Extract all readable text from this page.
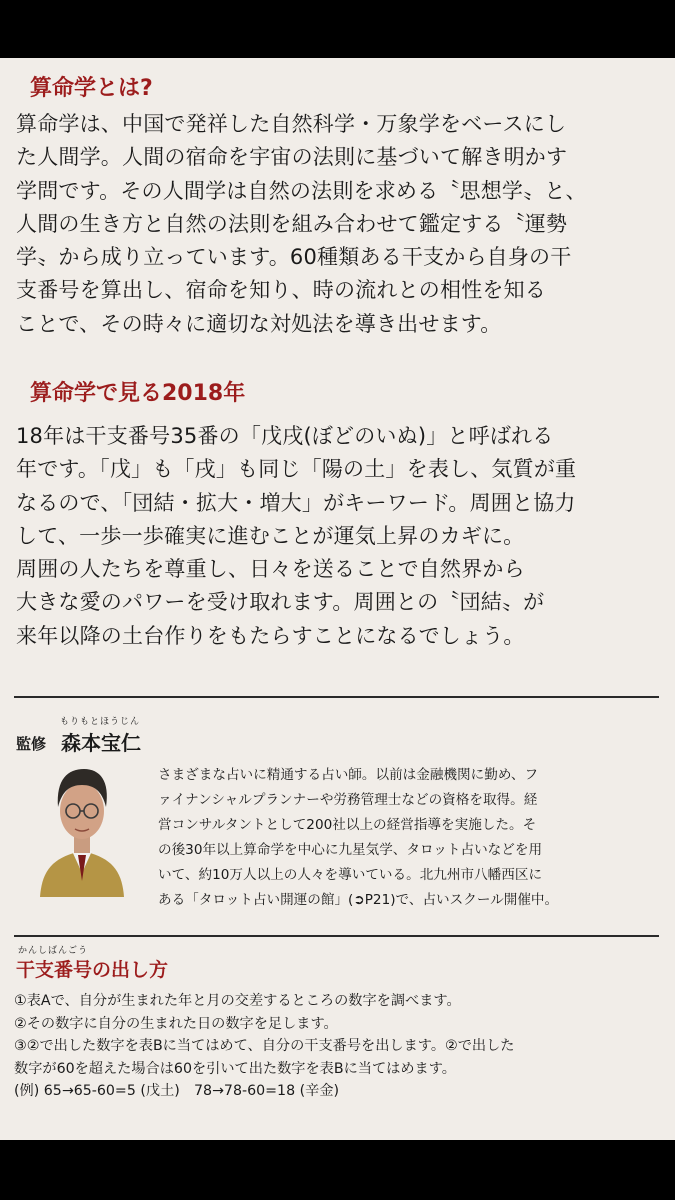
算命学とは?
算命学は、中国で発祥した自然科学・万象学をベースにし
た人間学。人間の宿命を宇宙の法則に基づいて解き明かす
学問です。その人間学は自然の法則を求める〝思想学〟と、
人間の生き方と自然の法則を組み合わせて鑑定する〝運勢
学〟から成り立っています。60種類ある干支から自身の干
支番号を算出し、宿命を知り、時の流れとの相性を知る
ことで、その時々に適切な対処法を導き出せます。
算命学で見る2018年
18年は干支番号35番の「戊戌(ぼどのいぬ)」と呼ばれる
年です。「戊」も「戌」も同じ「陽の土」を表し、気質が重
なるので、「団結・拡大・増大」がキーワード。周囲と協力
して、一歩一歩確実に進むことが運気上昇のカギに。
周囲の人たちを尊重し、日々を送ることで自然界から
大きな愛のパワーを受け取れます。周囲との〝団結〟が
来年以降の土台作りをもたらすことになるでしょう。
もりもとほうじん
監修 森本宝仁
さまざまな占いに精通する占い師。以前は金融機関に勤め、フ
ァイナンシャルプランナーや労務管理士などの資格を取得。経
営コンサルタントとして200社以上の経営指導を実施した。そ
の後30年以上算命学を中心に九星気学、タロット占いなどを用
いて、約10万人以上の人々を導いている。北九州市八幡西区に
ある「タロット占い開運の館」(➲P21)で、占いスクール開催中。
かんしばんごう
干支番号の出し方
①表Aで、自分が生まれた年と月の交差するところの数字を調べます。
②その数字に自分の生まれた日の数字を足します。
③②で出した数字を表Bに当てはめて、自分の干支番号を出します。②で出した
数字が60を超えた場合は60を引いて出た数字を表Bに当てはめます。
(例) 65→65-60=5 (戊土)　78→78-60=18 (辛金)
